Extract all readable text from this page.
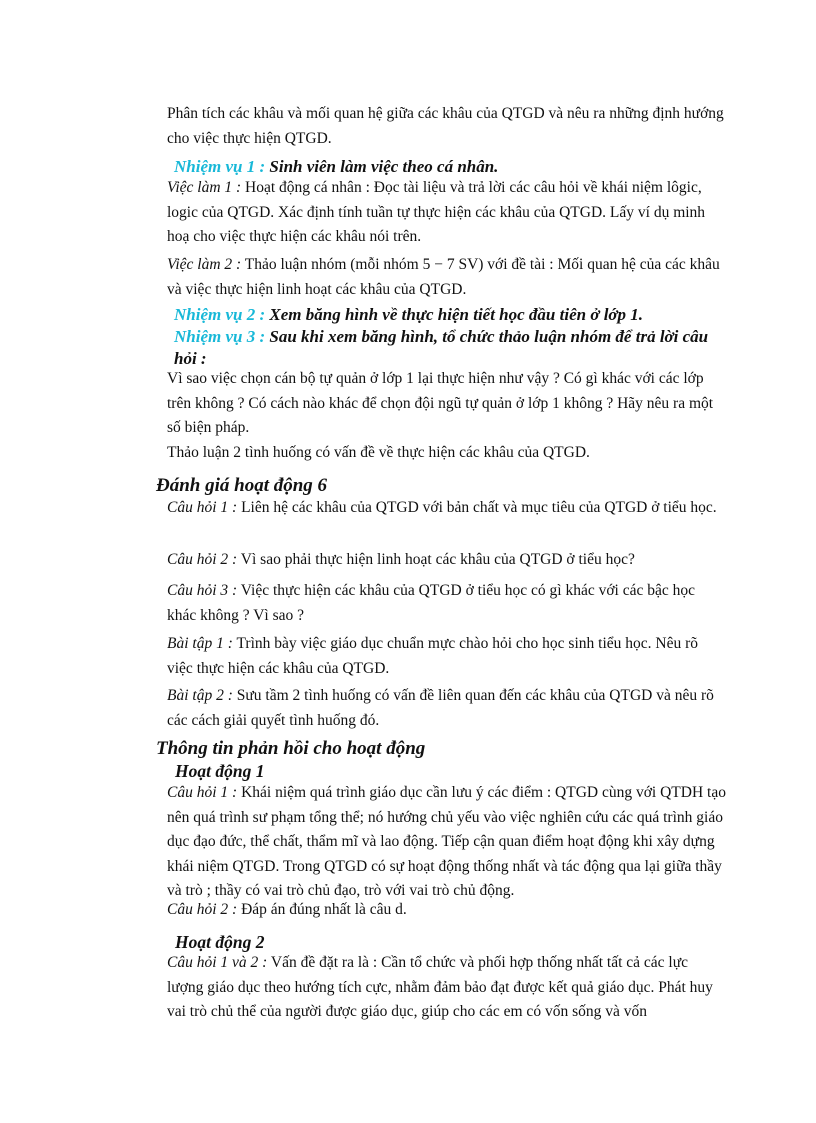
Phân tích các khâu và mối quan hệ giữa các khâu của QTGD và nêu ra những định hướng cho việc thực hiện QTGD.

Nhiệm vụ 1 : Sinh viên làm việc theo cá nhân.

Việc làm 1 : Hoạt động cá nhân : Đọc tài liệu và trả lời các câu hỏi về khái niệm lôgic, logic của QTGD. Xác định tính tuần tự thực hiện các khâu của QTGD. Lấy ví dụ minh hoạ cho việc thực hiện các khâu nói trên.

Việc làm 2 : Thảo luận nhóm (mỗi nhóm 5 − 7 SV) với đề tài : Mối quan hệ của các khâu và việc thực hiện linh hoạt các khâu của QTGD.

Nhiệm vụ 2 : Xem băng hình về thực hiện tiết học đầu tiên ở lớp 1.

Nhiệm vụ 3 : Sau khi xem băng hình, tổ chức thảo luận nhóm để trả lời câu hỏi :

Vì sao việc chọn cán bộ tự quản ở lớp 1 lại thực hiện như vậy ? Có gì khác với các lớp trên không ? Có cách nào khác để chọn đội ngũ tự quản ở lớp 1 không ? Hãy nêu ra một số biện pháp.

Thảo luận 2 tình huống có vấn đề về thực hiện các khâu của QTGD.

Đánh giá hoạt động 6

Câu hỏi 1 : Liên hệ các khâu của QTGD với bản chất và mục tiêu của QTGD ở tiểu học.

Câu hỏi 2 : Vì sao phải thực hiện linh hoạt các khâu của QTGD ở tiểu học?

Câu hỏi 3 : Việc thực hiện các khâu của QTGD ở tiểu học có gì khác với các bậc học khác không ? Vì sao ?

Bài tập 1 : Trình bày việc giáo dục chuẩn mực chào hỏi cho học sinh tiểu học. Nêu rõ việc thực hiện các khâu của QTGD.

Bài tập 2 : Sưu tầm 2 tình huống có vấn đề liên quan đến các khâu của QTGD và nêu rõ các cách giải quyết tình huống đó.

Thông tin phản hồi cho hoạt động

Hoạt động 1

Câu hỏi 1 : Khái niệm quá trình giáo dục cần lưu ý các điểm : QTGD cùng với QTDH tạo nên quá trình sư phạm tổng thể; nó hướng chủ yếu vào việc nghiên cứu các quá trình giáo dục đạo đức, thể chất, thẩm mĩ và lao động. Tiếp cận quan điểm hoạt động khi xây dựng khái niệm QTGD. Trong QTGD có sự hoạt động thống nhất và tác động qua lại giữa thầy và trò ; thầy có vai trò chủ đạo, trò với vai trò chủ động.

Câu hỏi 2 : Đáp án đúng nhất là câu d.

Hoạt động 2

Câu hỏi 1 và 2 : Vấn đề đặt ra là : Cần tổ chức và phối hợp thống nhất tất cả các lực lượng giáo dục theo hướng tích cực, nhằm đảm bảo đạt được kết quả giáo dục. Phát huy vai trò chủ thể của người được giáo dục, giúp cho các em có vốn sống và vốn
